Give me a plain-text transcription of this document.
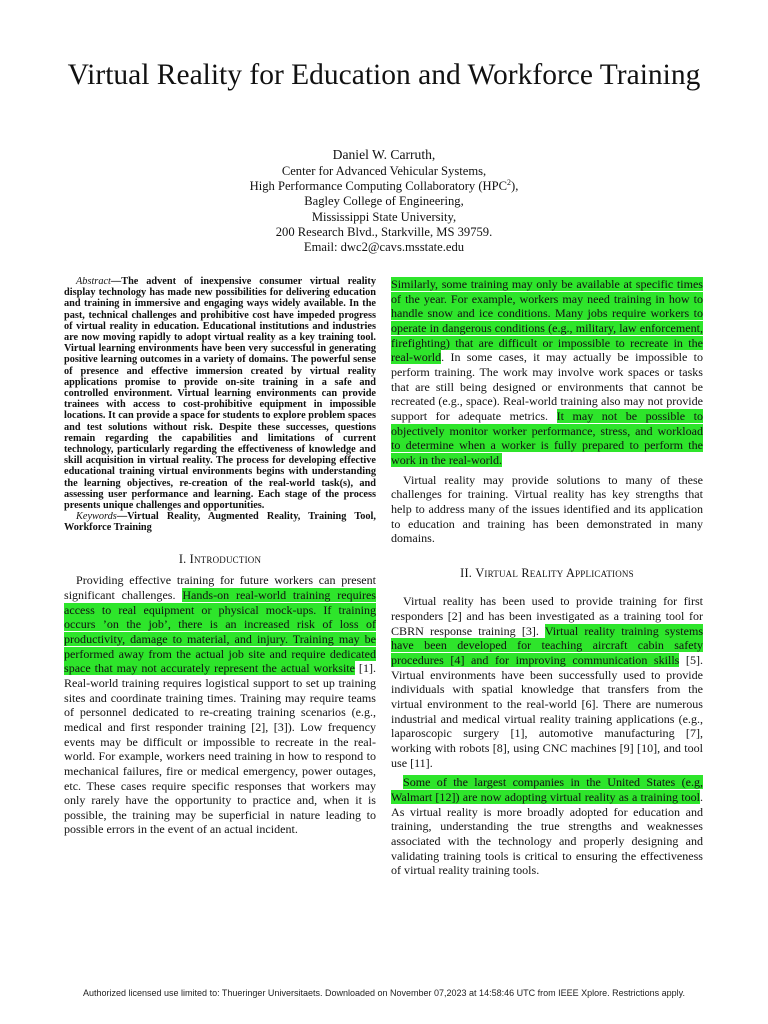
Virtual Reality for Education and Workforce Training
Daniel W. Carruth,
Center for Advanced Vehicular Systems,
High Performance Computing Collaboratory (HPC$^2$),
Bagley College of Engineering,
Mississippi State University,
200 Research Blvd., Starkville, MS 39759.
Email: dwc2@cavs.msstate.edu

Abstract—The advent of inexpensive consumer virtual reality display technology has made new possibilities for delivering education and training in immersive and engaging ways widely available. In the past, technical challenges and prohibitive cost have impeded progress of virtual reality in education. Educational institutions and industries are now moving rapidly to adopt virtual reality as a key training tool. Virtual learning environments have been very successful in generating positive learning outcomes in a variety of domains. The powerful sense of presence and effective immersion created by virtual reality applications promise to provide on-site training in a safe and controlled environment. Virtual learning environments can provide trainees with access to cost-prohibitive equipment in impossible locations. It can provide a space for students to explore problem spaces and test solutions without risk. Despite these successes, questions remain regarding the capabilities and limitations of current technology, particularly regarding the effectiveness of knowledge and skill acquisition in virtual reality. The process for developing effective educational training virtual environments begins with understanding the learning objectives, re-creation of the real-world task(s), and assessing user performance and learning. Each stage of the process presents unique challenges and opportunities.

Keywords—Virtual Reality, Augmented Reality, Training Tool, Workforce Training

I. Introduction

Providing effective training for future workers can present significant challenges. Hands-on real-world training requires access to real equipment or physical mock-ups. If training occurs ’on the job’, there is an increased risk of loss of productivity, damage to material, and injury. Training may be performed away from the actual job site and require dedicated space that may not accurately represent the actual worksite [1]. Real-world training requires logistical support to set up training sites and coordinate training times. Training may require teams of personnel dedicated to re-creating training scenarios (e.g., medical and first responder training [2], [3]). Low frequency events may be difficult or impossible to recreate in the real-world. For example, workers need training in how to respond to mechanical failures, fire or medical emergency, power outages, etc. These cases require specific responses that workers may only rarely have the opportunity to practice and, when it is possible, the training may be superficial in nature leading to possible errors in the event of an actual incident.

Similarly, some training may only be available at specific times of the year. For example, workers may need training in how to handle snow and ice conditions. Many jobs require workers to operate in dangerous conditions (e.g., military, law enforcement, firefighting) that are difficult or impossible to recreate in the real-world. In some cases, it may actually be impossible to perform training. The work may involve work spaces or tasks that are still being designed or environments that cannot be recreated (e.g., space). Real-world training also may not provide support for adequate metrics. It may not be possible to objectively monitor worker performance, stress, and workload to determine when a worker is fully prepared to perform the work in the real-world.

Virtual reality may provide solutions to many of these challenges for training. Virtual reality has key strengths that help to address many of the issues identified and its application to education and training has been demonstrated in many domains.

II. Virtual Reality Applications

Virtual reality has been used to provide training for first responders [2] and has been investigated as a training tool for CBRN response training [3]. Virtual reality training systems have been developed for teaching aircraft cabin safety procedures [4] and for improving communication skills [5]. Virtual environments have been successfully used to provide individuals with spatial knowledge that transfers from the virtual environment to the real-world [6]. There are numerous industrial and medical virtual reality training applications (e.g., laparoscopic surgery [1], automotive manufacturing [7], working with robots [8], using CNC machines [9] [10], and tool use [11].

Some of the largest companies in the United States (e.g, Walmart [12]) are now adopting virtual reality as a training tool. As virtual reality is more broadly adopted for education and training, understanding the true strengths and weaknesses associated with the technology and properly designing and validating training tools is critical to ensuring the effectiveness of virtual reality training tools.

Authorized licensed use limited to: Thueringer Universitaets. Downloaded on November 07,2023 at 14:58:46 UTC from IEEE Xplore. Restrictions apply.
